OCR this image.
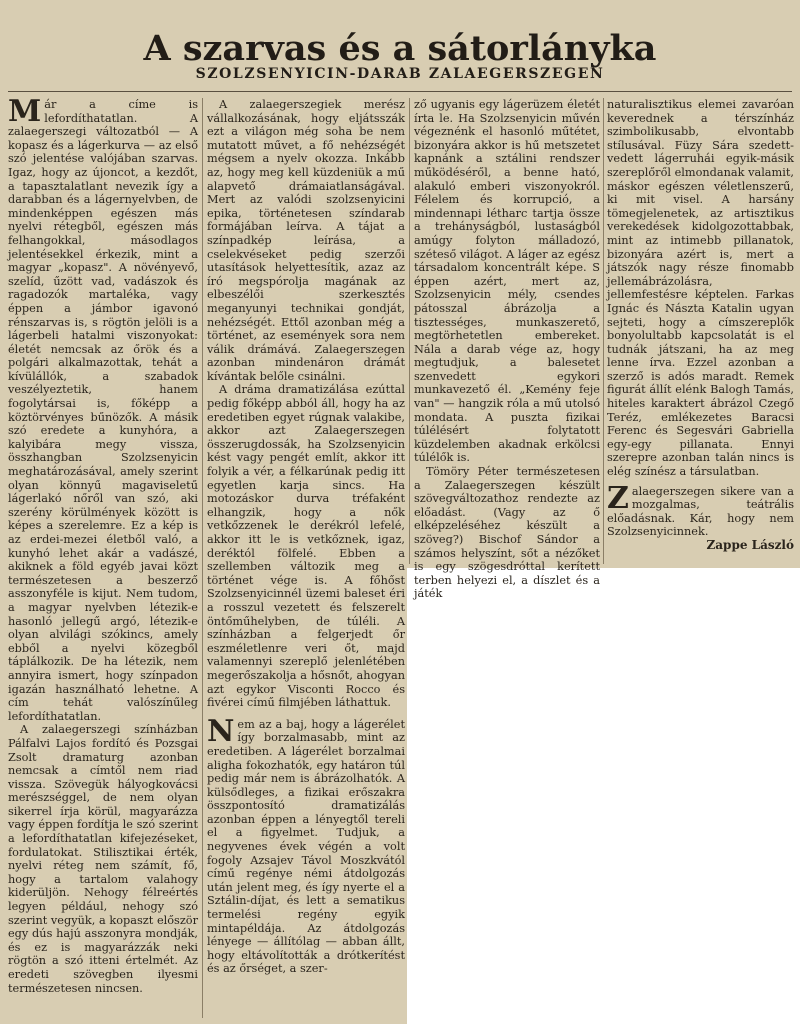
A szarvas és a sátorlányka
SZOLZSENYICIN-DARAB ZALAEGERSZEGEN

Már a címe is lefordíthatatlan. A zalaegerszegi változatból — A kopasz és a lágerkurva — az első szó jelentése valójában szarvas. Igaz, hogy az újoncot, a kezdőt, a tapasztalatlant nevezik így a darabban és a lágernyelvben, de mindenképpen egészen más nyelvi rétegből, egészen más felhangokkal, másodlagos jelentésekkel érkezik, mint a magyar „kopasz". A növényevő, szelíd, űzött vad, vadászok és ragadozók martaléka, vagy éppen a jámbor igavonó rénszarvas is, s rögtön jelöli is a lágerbeli hatalmi viszonyokat: életét nemcsak az őrök és a polgári alkalmazottak, tehát a kívülállók, a szabadok veszélyeztetik, hanem fogolytársai is, főképp a köztörvényes bűnözők. A másik szó eredete a kunyhóra, a kalyibára megy vissza, összhangban Szolzsenyicin meghatározásával, amely szerint olyan könnyű magaviseletű lágerlakó nőről van szó, aki szerény körülmények között is képes a szerelemre. Ez a kép is az erdei-mezei életből való, a kunyhó lehet akár a vadászé, akiknek a föld egyéb javai közt természetesen a beszerző asszonyféle is kijut. Nem tudom, a magyar nyelvben létezik-e hasonló jellegű argó, létezik-e olyan alvilági szókincs, amely ebből a nyelvi közegből táplálkozik. De ha létezik, nem annyira ismert, hogy színpadon igazán használható lehetne. A cím tehát valószínűleg lefordíthatatlan.

A zalaegerszegi színházban Pálfalvi Lajos fordító és Pozsgai Zsolt dramaturg azonban nemcsak a címtől nem riad vissza. Szövegük hályogkovácsi merészséggel, de nem olyan sikerrel írja körül, magyarázza vagy éppen fordítja le szó szerint a lefordíthatatlan kifejezéseket, fordulatokat. Stilisztikai érték, nyelvi réteg nem számít, fő, hogy a tartalom valahogy kiderüljön. Nehogy félreértés legyen például, nehogy szó szerint vegyük, a kopaszt először egy dús hajú asszonyra mondják, és ez is magyarázzák neki rögtön a szó itteni értelmét. Az eredeti szövegben ilyesmi természetesen nincsen.

A zalaegerszegiek merész vállalkozásának, hogy eljátsszák ezt a világon még soha be nem mutatott művet, a fő nehézségét mégsem a nyelv okozza. Inkább az, hogy meg kell küzdeniük a mű alapvető drámaiatlanságával. Mert az valódi szolzsenyicini epika, történetesen színdarab formájában leírva. A tájat a színpadkép leírása, a cselekvéseket pedig szerzői utasítások helyettesítik, azaz az író megspórolja magának az elbeszélői szerkesztés meganyunyi technikai gondját, nehézségét. Ettől azonban még a történet, az események sora nem válik drámává. Zalaegerszegen azonban mindenáron drámát kívántak belőle csinálni.

A dráma dramatizálása ezúttal pedig főképp abból áll, hogy ha az eredetiben egyet rúgnak valakibe, akkor azt Zalaegerszegen összerugdossák, ha Szolzsenyicin kést vagy pengét említ, akkor itt folyik a vér, a félkarúnak pedig itt egyetlen karja sincs. Ha motozáskor durva tréfaként elhangzik, hogy a nők vetkőzzenek le derékról lefelé, akkor itt le is vetkőznek, igaz, deréktól fölfelé. Ebben a szellemben változik meg a történet vége is. A főhőst Szolzsenyicinnél üzemi baleset éri a rosszul vezetett és felszerelt öntőműhelyben, de túléli. A színházban a felgerjedt őr eszméletlenre veri őt, majd valamennyi szereplő jelenlétében megerőszakolja a hősnőt, ahogyan azt egykor Visconti Rocco és fivérei című filmjében láthattuk.

Nem az a baj, hogy a lágerélet így borzalmasabb, mint az eredetiben. A lágerélet borzalmai aligha fokozhatók, egy határon túl pedig már nem is ábrázolhatók. A külsődleges, a fizikai erőszakra összpontosító dramatizálás azonban éppen a lényegtől tereli el a figyelmet. Tudjuk, a negyvenes évek végén a volt fogoly Azsajev Távol Moszkvától című regénye némi átdolgozás után jelent meg, és így nyerte el a Sztálin-díjat, és lett a sematikus termelési regény egyik mintapéldája. Az átdolgozás lényege — állítólag — abban állt, hogy eltávolították a drótkerítést és az őrséget, a szer-

ző ugyanis egy lágerüzem életét írta le. Ha Szolzsenyicin művén végeznénk el hasonló műtétet, bizonyára akkor is hű metszetet kapnánk a sztálini rendszer működéséről, a benne ható, alakuló emberi viszonyokról. Félelem és korrupció, a mindennapi létharc tartja össze a trehányságból, lustaságból amúgy folyton málladozó, széteső világot. A láger az egész társadalom koncentrált képe. S éppen azért, mert az, Szolzsenyicin mély, csendes pátosszal ábrázolja a tisztességes, munkaszerető, megtörhetetlen embereket. Nála a darab vége az, hogy megtudjuk, a balesetet szenvedett egykori munkavezető él. „Kemény feje van" — hangzik róla a mű utolsó mondata. A puszta fizikai túlélésért folytatott küzdelemben akadnak erkölcsi túlélők is.

Tömöry Péter természetesen a Zalaegerszegen készült szövegváltozathoz rendezte az előadást. (Vagy az ő elképzeléséhez készült a szöveg?) Bischof Sándor a számos helyszínt, sőt a nézőket is egy szögesdróttal kerített terben helyezi el, a díszlet és a játék

naturalisztikus elemei zavaróan keverednek a térszínház szimbolikusabb, elvontabb stílusával. Füzy Sára szedett-vedett lágerruhái egyik-másik szereplőről elmondanak valamit, máskor egészen véletlenszerű, ki mit visel. A harsány tömegjelenetek, az artisztikus verekedések kidolgozottabbak, mint az intimebb pillanatok, bizonyára azért is, mert a játszók nagy része finomabb jellemábrázolásra, jellemfestésre képtelen. Farkas Ignác és Nászta Katalin ugyan sejteti, hogy a címszereplők bonyolultabb kapcsolatát is el tudnák játszani, ha az meg lenne írva. Ezzel azonban a szerző is adós maradt. Remek figurát állít elénk Balogh Tamás, hiteles karaktert ábrázol Czegő Teréz, emlékezetes Baracsi Ferenc és Segesvári Gabriella egy-egy pillanata. Ennyi szerepre azonban talán nincs is elég színész a társulatban.

Zalaegerszegen sikere van a mozgalmas, teátrális előadásnak. Kár, hogy nem Szolzsenyicinnek.

Zappe László
